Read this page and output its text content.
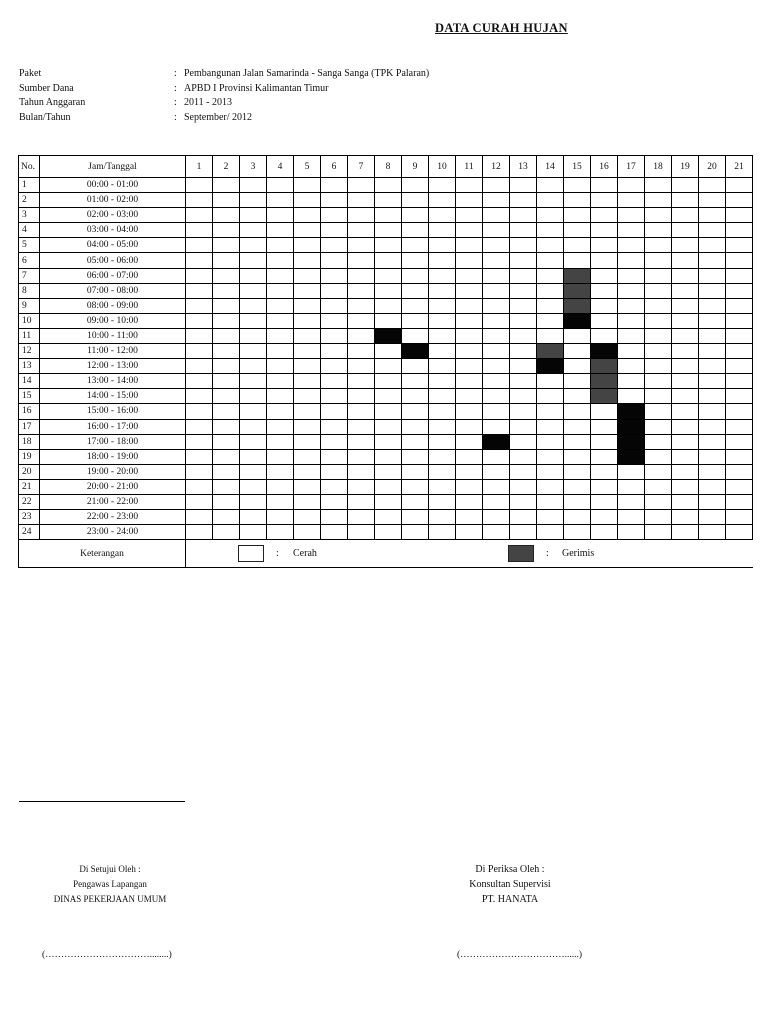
DATA CURAH HUJAN
Paket	: Pembangunan Jalan Samarinda - Sanga Sanga (TPK Palaran)
Sumber Dana	: APBD I Provinsi Kalimantan Timur
Tahun Anggaran	: 2011 - 2013
Bulan/Tahun	: September/ 2012
No.	Jam/Tanggal	1	2	3	4	5	6	7	8	9	10	11	12	13	14	15	16	17	18	19	20	21
1	00:00 - 01:00																					
2	01:00 - 02:00																					
3	02:00 - 03:00																					
4	03:00 - 04:00																					
5	04:00 - 05:00																					
6	05:00 - 06:00																					
7	06:00 - 07:00																					
8	07:00 - 08:00																					
9	08:00 - 09:00																					
10	09:00 - 10:00																					
11	10:00 - 11:00																					
12	11:00 - 12:00																					
13	12:00 - 13:00																					
14	13:00 - 14:00																					
15	14:00 - 15:00																					
16	15:00 - 16:00																					
17	16:00 - 17:00																					
18	17:00 - 18:00																					
19	18:00 - 19:00																					
20	19:00 - 20:00																					
21	20:00 - 21:00																					
22	21:00 - 22:00																					
23	22:00 - 23:00																					
24	23:00 - 24:00																					
Keterangan		: Cerah : Gerimis																				
Di Setujui Oleh :
Pengawas Lapangan
DINAS PEKERJAAN UMUM
(……………………………........)
Di Periksa Oleh :
Konsultan Supervisi
PT. HANATA
(……………………………......)
